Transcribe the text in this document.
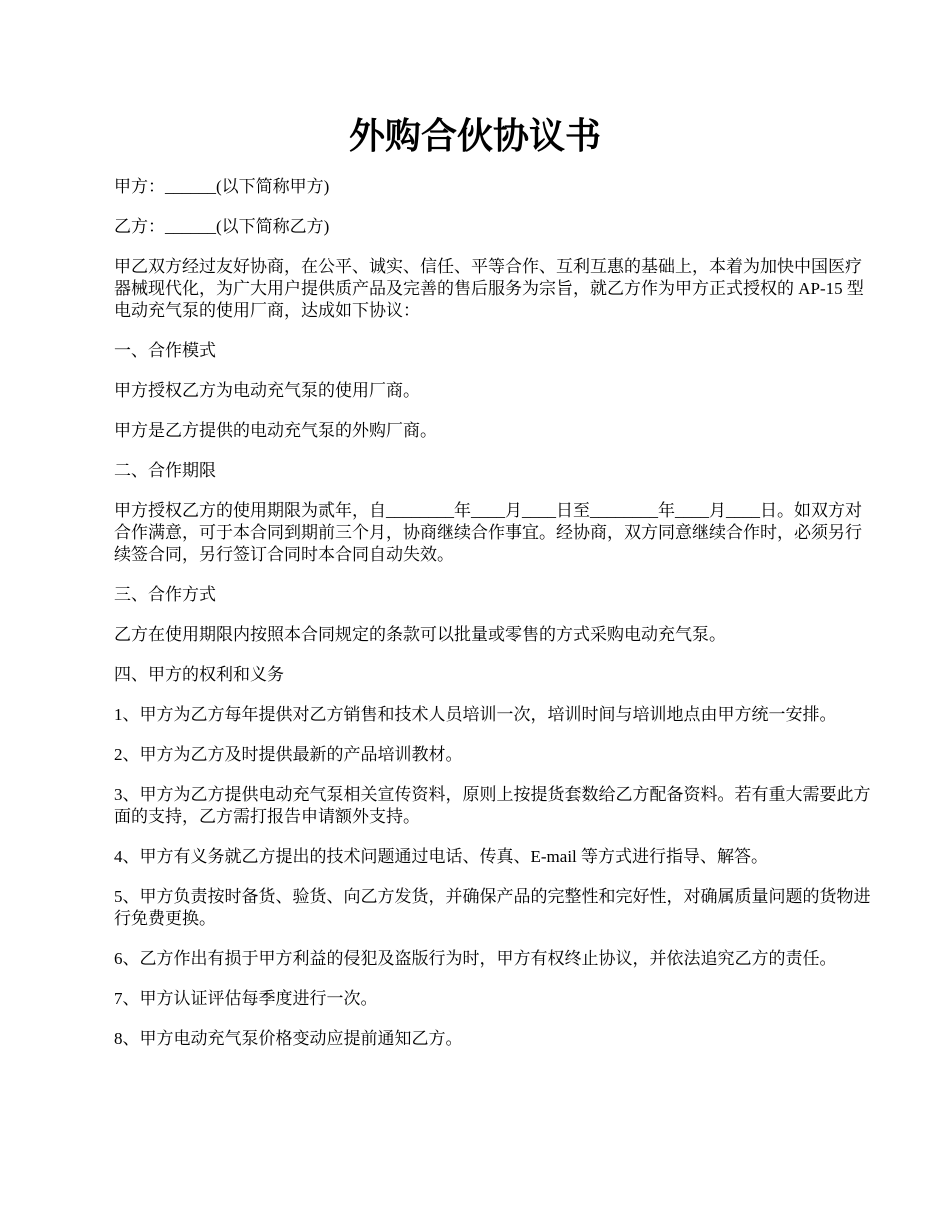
外购合伙协议书

甲方：______(以下简称甲方)

乙方：______(以下简称乙方)

甲乙双方经过友好协商，在公平、诚实、信任、平等合作、互利互惠的基础上，本着为加快中国医疗器械现代化，为广大用户提供质产品及完善的售后服务为宗旨，就乙方作为甲方正式授权的 AP-15 型电动充气泵的使用厂商，达成如下协议：

一、合作模式

甲方授权乙方为电动充气泵的使用厂商。

甲方是乙方提供的电动充气泵的外购厂商。

二、合作期限

甲方授权乙方的使用期限为贰年，自________年____月____日至________年____月____日。如双方对合作满意，可于本合同到期前三个月，协商继续合作事宜。经协商，双方同意继续合作时，必须另行续签合同，另行签订合同时本合同自动失效。

三、合作方式

乙方在使用期限内按照本合同规定的条款可以批量或零售的方式采购电动充气泵。

四、甲方的权利和义务

1、甲方为乙方每年提供对乙方销售和技术人员培训一次，培训时间与培训地点由甲方统一安排。

2、甲方为乙方及时提供最新的产品培训教材。

3、甲方为乙方提供电动充气泵相关宣传资料，原则上按提货套数给乙方配备资料。若有重大需要此方面的支持，乙方需打报告申请额外支持。

4、甲方有义务就乙方提出的技术问题通过电话、传真、E-mail 等方式进行指导、解答。

5、甲方负责按时备货、验货、向乙方发货，并确保产品的完整性和完好性，对确属质量问题的货物进行免费更换。

6、乙方作出有损于甲方利益的侵犯及盗版行为时，甲方有权终止协议，并依法追究乙方的责任。

7、甲方认证评估每季度进行一次。

8、甲方电动充气泵价格变动应提前通知乙方。
